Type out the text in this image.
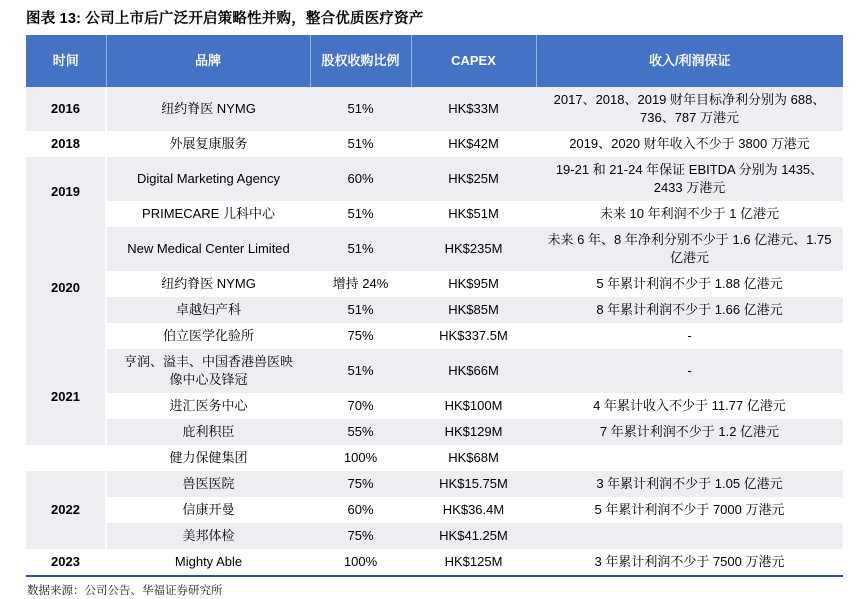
图表 13: 公司上市后广泛开启策略性并购，整合优质医疗资产
时间	品牌	股权收购比例	CAPEX	收入/利润保证
2016	纽约脊医 NYMG	51%	HK$33M	2017、2018、2019 财年目标净利分别为 688、736、787 万港元
2018	外展复康服务	51%	HK$42M	2019、2020 财年收入不少于 3800 万港元
2019	Digital Marketing Agency	60%	HK$25M	19-21 和 21-24 年保证 EBITDA 分别为 1435、2433 万港元
	PRIMECARE 儿科中心	51%	HK$51M	未来 10 年利润不少于 1 亿港元
2020	New Medical Center Limited	51%	HK$235M	未来 6 年、8 年净利分别不少于 1.6 亿港元、1.75 亿港元
	纽约脊医 NYMG	增持 24%	HK$95M	5 年累计利润不少于 1.88 亿港元
	卓越妇产科	51%	HK$85M	8 年累计利润不少于 1.66 亿港元
	伯立医学化验所	75%	HK$337.5M	-
2021	亨润、溢丰、中国香港兽医映像中心及锋冠	51%	HK$66M	-
	进汇医务中心	70%	HK$100M	4 年累计收入不少于 11.77 亿港元
	庇利积臣	55%	HK$129M	7 年累计利润不少于 1.2 亿港元
	健力保健集团	100%	HK$68M	
2022	兽医医院	75%	HK$15.75M	3 年累计利润不少于 1.05 亿港元
	信康开曼	60%	HK$36.4M	5 年累计利润不少于 7000 万港元
	美邦体检	75%	HK$41.25M	
2023	Mighty Able	100%	HK$125M	3 年累计利润不少于 7500 万港元
数据来源：公司公告、华福证券研究所
